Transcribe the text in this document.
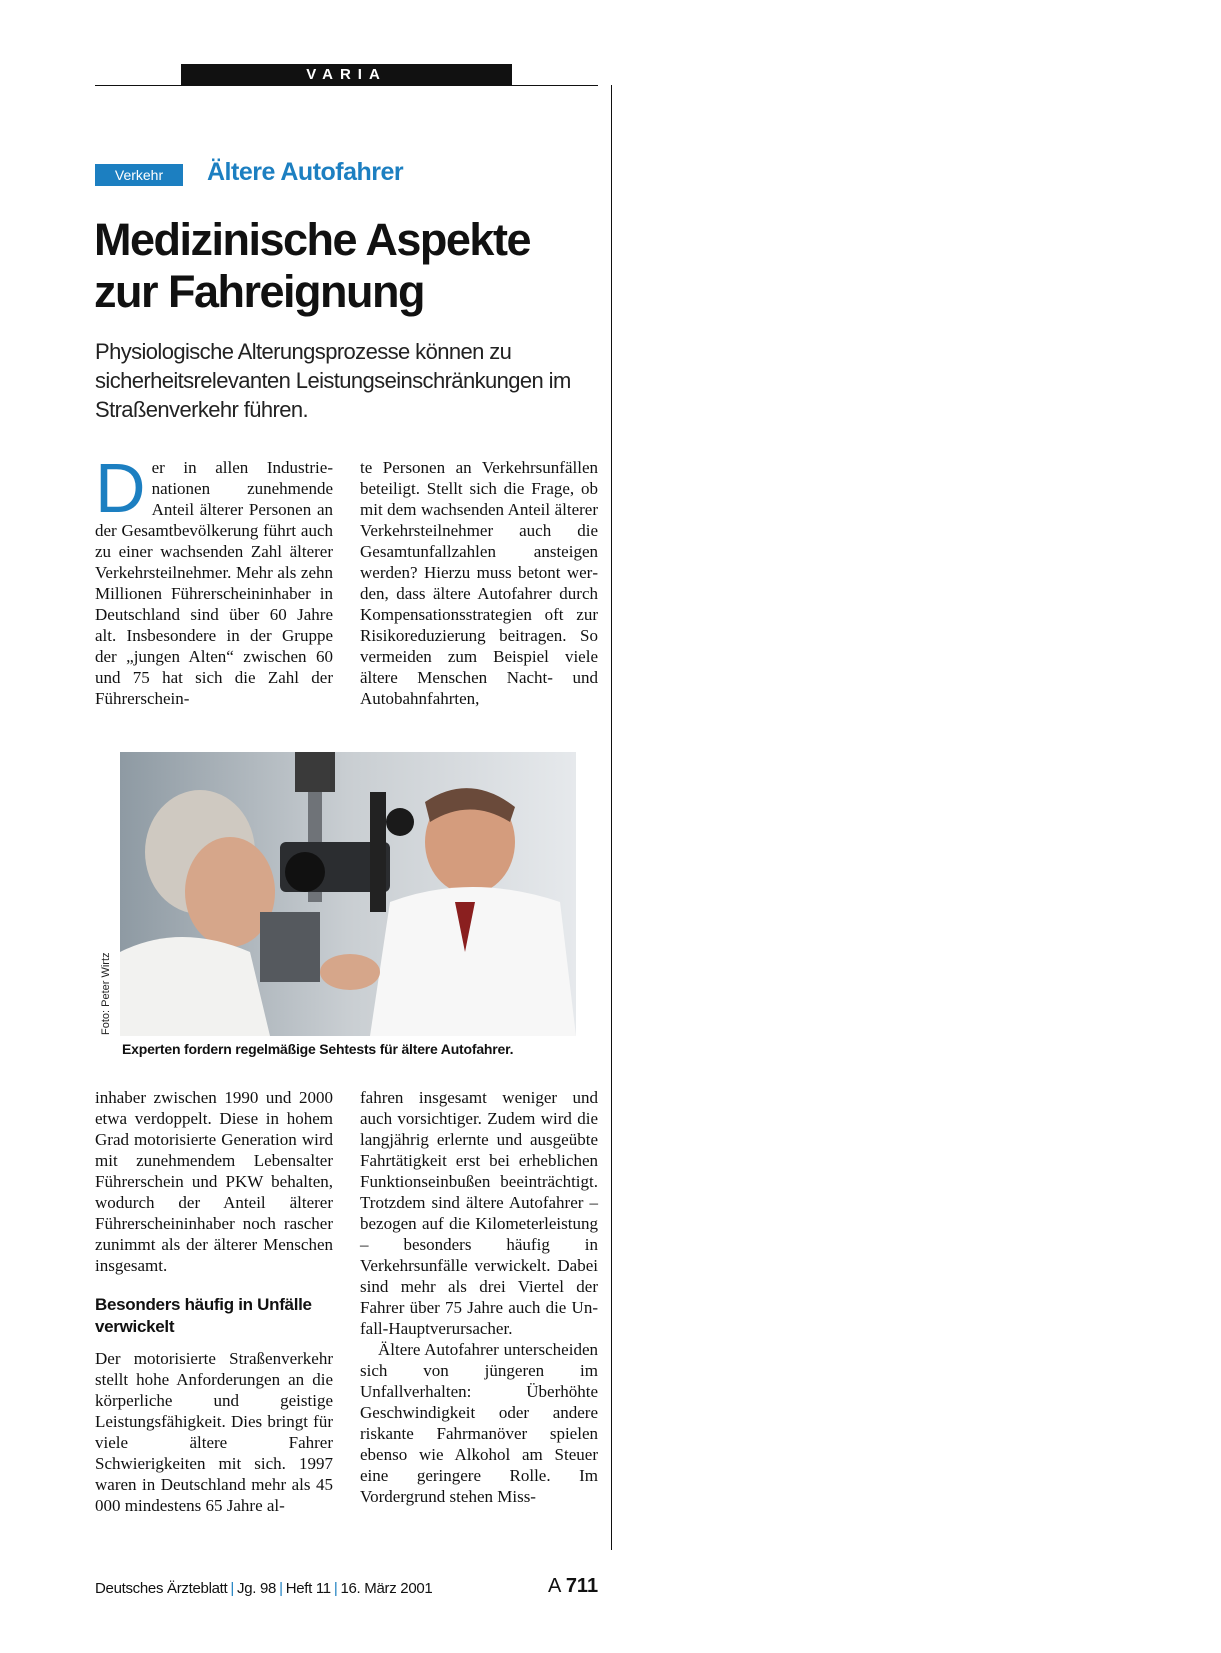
VARIA
Verkehr	Ältere Autofahrer
Medizinische Aspekte
zur Fahreignung
Physiologische Alterungsprozesse können zu sicherheitsrelevanten Leistungseinschränkungen im Straßenverkehr führen.

Der in allen Industrienationen zunehmende Anteil älterer Personen an der Gesamtbevölkerung führt auch zu einer wachsenden Zahl älterer Verkehrsteilnehmer. Mehr als zehn Millionen Führerscheininhaber in Deutschland sind über 60 Jahre alt. Insbesondere in der Gruppe der „jungen Alten“ zwischen 60 und 75 hat sich die Zahl der Führerschein-

te Personen an Verkehrsunfällen beteiligt. Stellt sich die Frage, ob mit dem wachsenden Anteil älterer Verkehrsteilnehmer auch die Gesamtunfallzahlen ansteigen werden? Hierzu muss betont werden, dass ältere Autofahrer durch Kompensationsstrategien oft zur Risikoreduzierung beitragen. So vermeiden zum Beispiel viele ältere Menschen Nacht- und Autobahnfahrten,

Foto: Peter Wirtz
Experten fordern regelmäßige Sehtests für ältere Autofahrer.

inhaber zwischen 1990 und 2000 etwa verdoppelt. Diese in hohem Grad motorisierte Generation wird mit zunehmendem Lebensalter Führerschein und PKW behalten, wodurch der Anteil älterer Führerscheininhaber noch rascher zunimmt als der älterer Menschen insgesamt.

Besonders häufig in Unfälle verwickelt

Der motorisierte Straßenverkehr stellt hohe Anforderungen an die körperliche und geistige Leistungsfähigkeit. Dies bringt für viele ältere Fahrer Schwierigkeiten mit sich. 1997 waren in Deutschland mehr als 45 000 mindestens 65 Jahre al-

fahren insgesamt weniger und auch vorsichtiger. Zudem wird die langjährig erlernte und ausgeübte Fahrtätigkeit erst bei erheblichen Funktionseinbußen beeinträchtigt. Trotzdem sind ältere Autofahrer – bezogen auf die Kilometerleistung – besonders häufig in Verkehrsunfälle verwickelt. Dabei sind mehr als drei Viertel der Fahrer über 75 Jahre auch die Unfall-Hauptverursacher.

Ältere Autofahrer unterscheiden sich von jüngeren im Unfallverhalten: Überhöhte Geschwindigkeit oder andere riskante Fahrmanöver spielen ebenso wie Alkohol am Steuer eine geringere Rolle. Im Vordergrund stehen Miss-

Deutsches Ärzteblatt | Jg. 98 | Heft 11 | 16. März 2001	A 711
